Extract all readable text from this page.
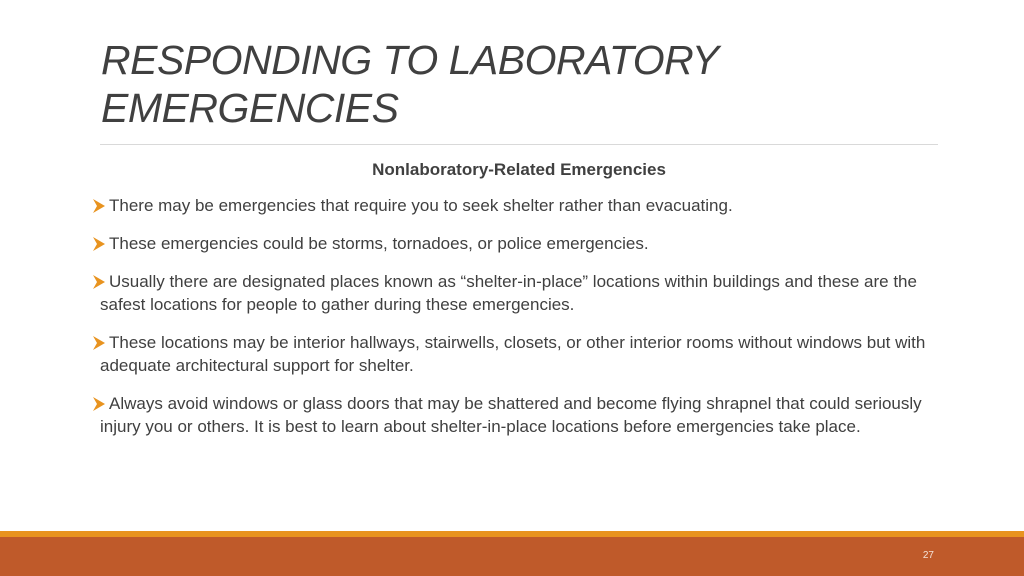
RESPONDING TO LABORATORY EMERGENCIES
Nonlaboratory-Related Emergencies
There may be emergencies that require you to seek shelter rather than evacuating.
These emergencies could be storms, tornadoes, or police emergencies.
Usually there are designated places known as “shelter-in-place” locations within buildings and these are the safest locations for people to gather during these emergencies.
These locations may be interior hallways, stairwells, closets, or other interior rooms without windows but with adequate architectural support for shelter.
Always avoid windows or glass doors that may be shattered and become flying shrapnel that could seriously injury you or others. It is best to learn about shelter-in-place locations before emergencies take place.
27
